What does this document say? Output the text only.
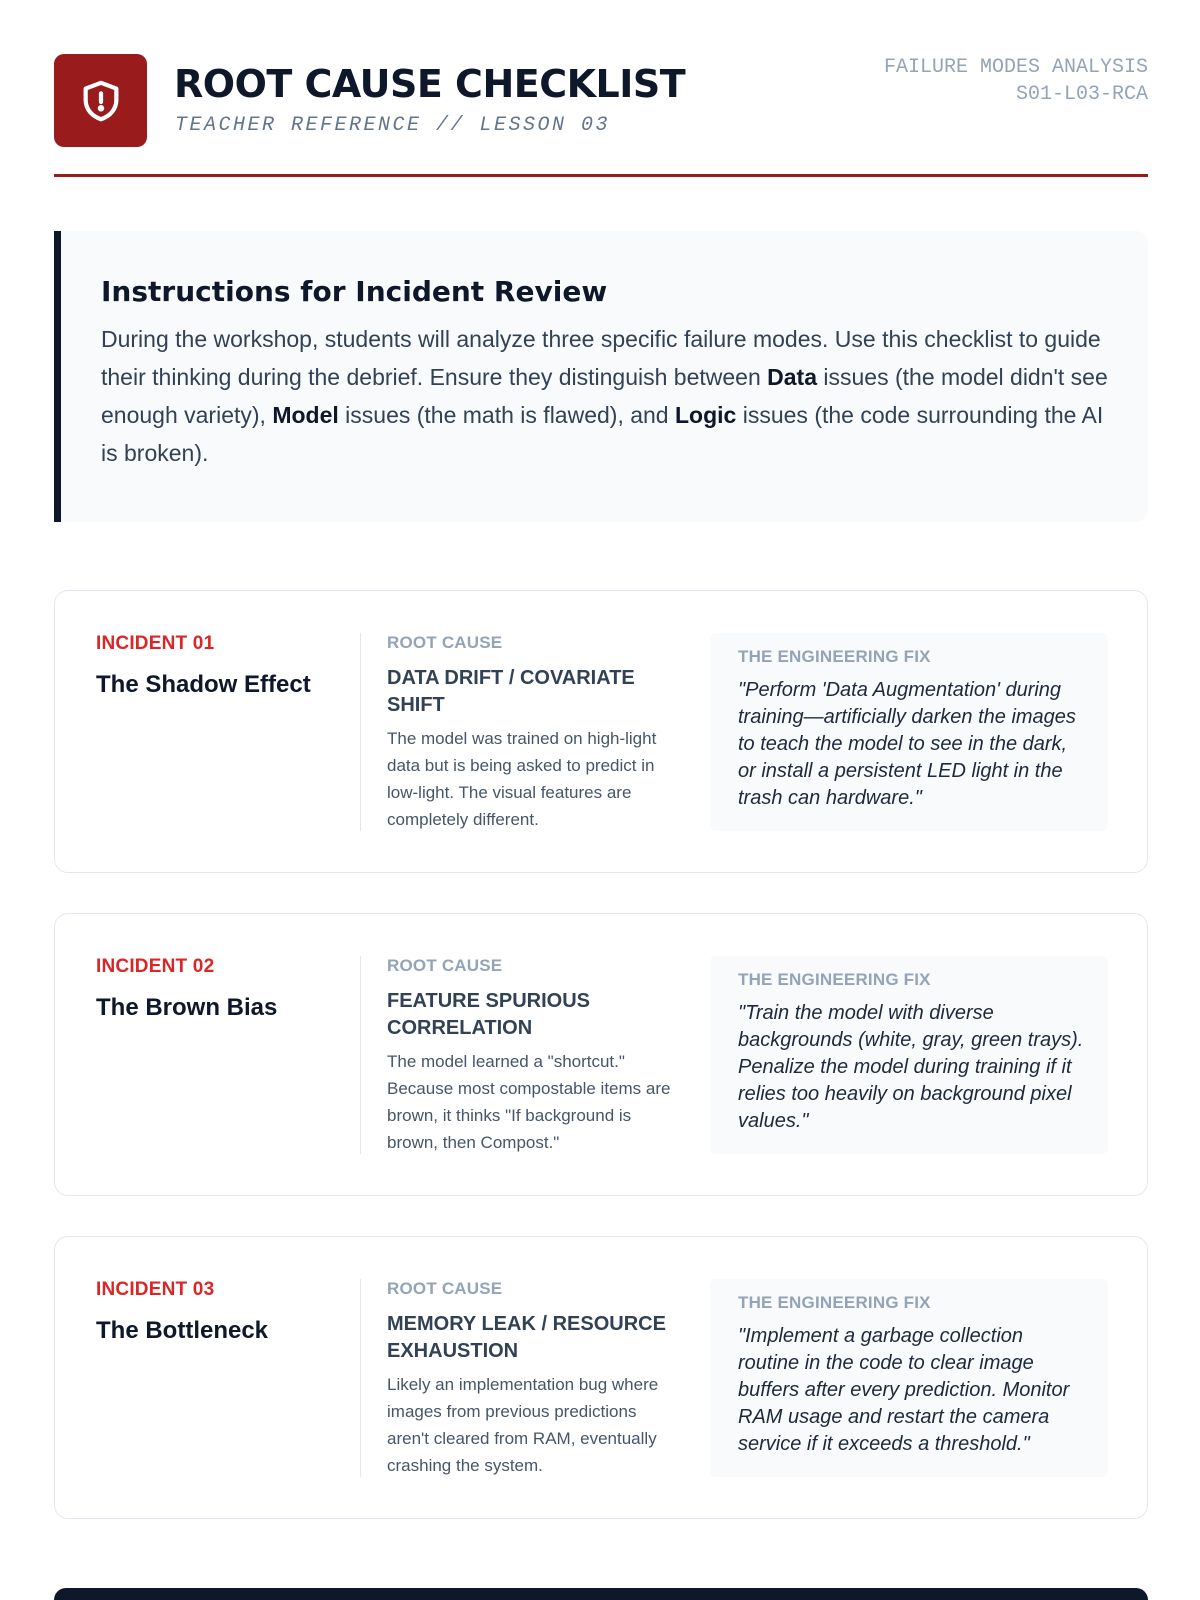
ROOT CAUSE CHECKLIST
TEACHER REFERENCE // LESSON 03
FAILURE MODES ANALYSIS
S01-L03-RCA
Instructions for Incident Review

During the workshop, students will analyze three specific failure modes. Use this checklist to guide their thinking during the debrief. Ensure they distinguish between Data issues (the model didn't see enough variety), Model issues (the math is flawed), and Logic issues (the code surrounding the AI is broken).

INCIDENT 01
The Shadow Effect
ROOT CAUSE
DATA DRIFT / COVARIATE SHIFT
The model was trained on high-light data but is being asked to predict in low-light. The visual features are completely different.
THE ENGINEERING FIX
"Perform 'Data Augmentation' during training—artificially darken the images to teach the model to see in the dark, or install a persistent LED light in the trash can hardware."
INCIDENT 02
The Brown Bias
ROOT CAUSE
FEATURE SPURIOUS CORRELATION
The model learned a "shortcut." Because most compostable items are brown, it thinks "If background is brown, then Compost."
THE ENGINEERING FIX
"Train the model with diverse backgrounds (white, gray, green trays). Penalize the model during training if it relies too heavily on background pixel values."
INCIDENT 03
The Bottleneck
ROOT CAUSE
MEMORY LEAK / RESOURCE EXHAUSTION
Likely an implementation bug where images from previous predictions aren't cleared from RAM, eventually crashing the system.
THE ENGINEERING FIX
"Implement a garbage collection routine in the code to clear image buffers after every prediction. Monitor RAM usage and restart the camera service if it exceeds a threshold."
